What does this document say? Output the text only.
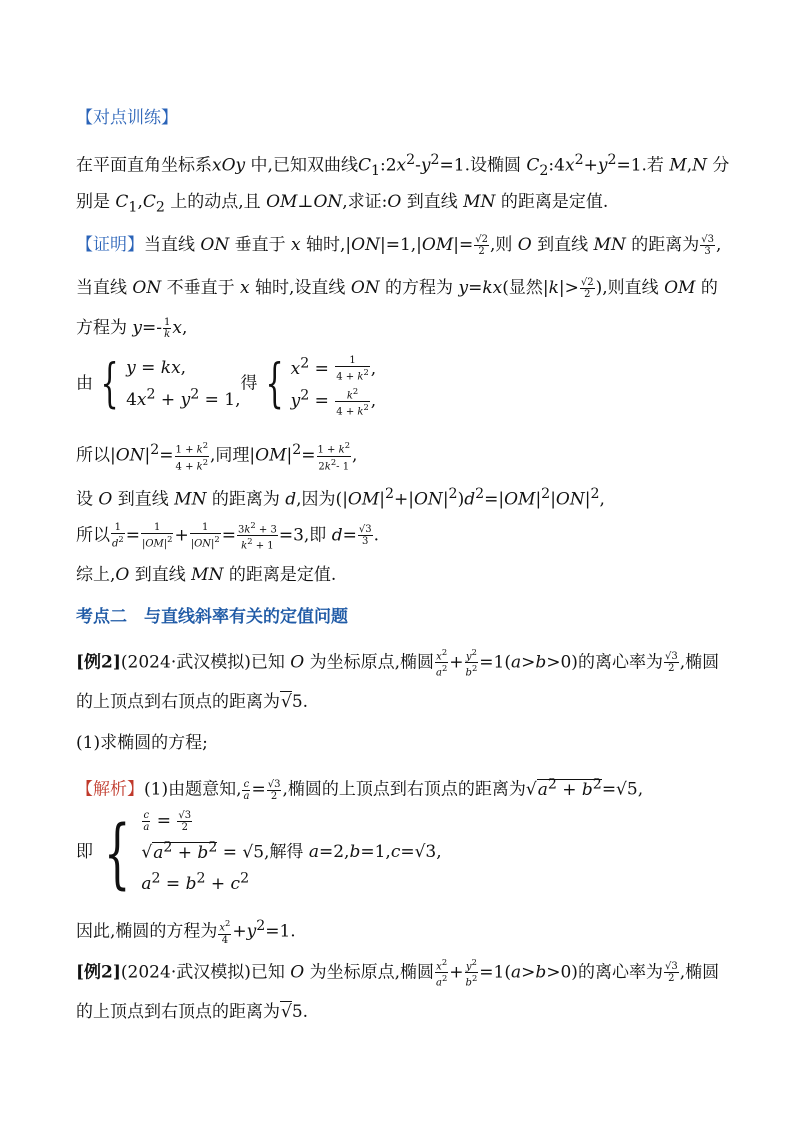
【对点训练】
在平面直角坐标系xOy 中,已知双曲线$C_1:2x^2-y^2=1$.设椭圆 $C_2:4x^2+y^2=1$.若 M,N 分
别是 $C_1,C_2$ 上的动点,且 OM⊥ON,求证:O 到直线 MN 的距离是定值.
【证明】当直线 ON 垂直于 x 轴时$,|ON|=1,|OM|= \frac{√2}{2}$ ,则 O 到直线 MN 的距离为 $\frac{√3}{3}$ ,
当直线 ON 不垂直于 x 轴时,设直线 ON 的方程为 y=kx(显然$|k|> \frac{√2}{2}$ ),则直线 OM 的
方程为 $y=- \frac{1}{k} x$,
由 { y = kx,
$4x^2 + y^2 = 1$,得 { $x^2 = \frac{1}{4 + k^2}$ ,
$y^2 = \frac{k^2}{4 + k^2}$ ,
所以$|ON|^2= \frac{1 + k^2}{4 + k^2}$ ,同理$|OM|^2= \frac{1 + k^2}{2k^2- 1}$ ,
设 O 到直线 MN 的距离为 d,因为$(|OM|^2+|ON|^2)d^2=|OM|^2|ON|^2$,
所以 $\frac{1}{d^2} = \frac{1}{|OM|^2} + \frac{1}{|ON|^2} = \frac{3k^2 + 3}{k^2 + 1} =3$,即 $d= \frac{√3}{3}$ .
综上,O 到直线 MN 的距离是定值.
考点二　与直线斜率有关的定值问题
[例2](2024·武汉模拟)已知 O 为坐标原点,椭圆 $\frac{x^2}{a^2} + \frac{y^2}{b^2} =1(a>b>0)$的离心率为 $\frac{√3}{2}$ ,椭圆
的上顶点到右顶点的距离为√5.
(1)求椭圆的方程;
【解析】(1)由题意知, $\frac{c}{a} = \frac{√3}{2}$ ,椭圆的上顶点到右顶点的距离为$√a^2 + b^2=√5$,
即 { $\frac{c}{a} = \frac{√3}{2}$

$√a^2 + b^2 = √5$,
$a^2 = b^2 + c^2$解得 a=2,b=1,c=√3,
因此,椭圆的方程为 $\frac{x^2}{4} +y^2=1$.
[例2](2024·武汉模拟)已知 O 为坐标原点,椭圆 $\frac{x^2}{a^2} + \frac{y^2}{b^2} =1(a>b>0)$的离心率为 $\frac{√3}{2}$ ,椭圆
的上顶点到右顶点的距离为√5.
